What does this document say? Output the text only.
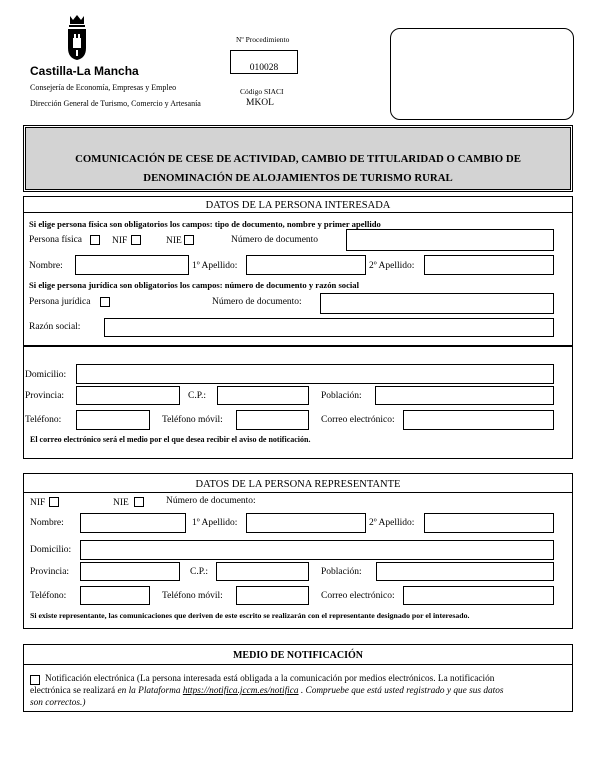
Castilla-La Mancha
Consejería de Economía, Empresas y Empleo
Dirección General de Turismo, Comercio y Artesanía
Nº Procedimiento
010028
Código SIACI
MKOL
COMUNICACIÓN DE CESE DE ACTIVIDAD, CAMBIO DE TITULARIDAD O CAMBIO DE
DENOMINACIÓN DE ALOJAMIENTOS DE TURISMO RURAL
DATOS DE LA PERSONA INTERESADA
Si elige persona física son obligatorios los campos: tipo de documento, nombre y primer apellido
Persona física	NIF	NIE	Número de documento
Nombre:	1º Apellido:	2º Apellido:
Si elige persona jurídica son obligatorios los campos: número de documento y razón social
Persona jurídica	Número de documento:
Razón social:
Domicilio:
Provincia:	C.P.:	Población:
Teléfono:	Teléfono móvil:	Correo electrónico:
El correo electrónico será el medio por el que desea recibir el aviso de notificación.
DATOS DE LA PERSONA REPRESENTANTE
NIF	NIE	Número de documento:
Nombre:	1º Apellido:	2º Apellido:
Domicilio:
Provincia:	C.P.:	Población:
Teléfono:	Teléfono móvil:	Correo electrónico:
Si existe representante, las comunicaciones que deriven de este escrito se realizarán con el representante designado por el interesado.
MEDIO DE NOTIFICACIÓN
Notificación electrónica (La persona interesada está obligada a la comunicación por medios electrónicos. La notificación
electrónica se realizará en la Plataforma https://notifica.jccm.es/notifica . Compruebe que está usted registrado y que sus datos
son correctos.)
